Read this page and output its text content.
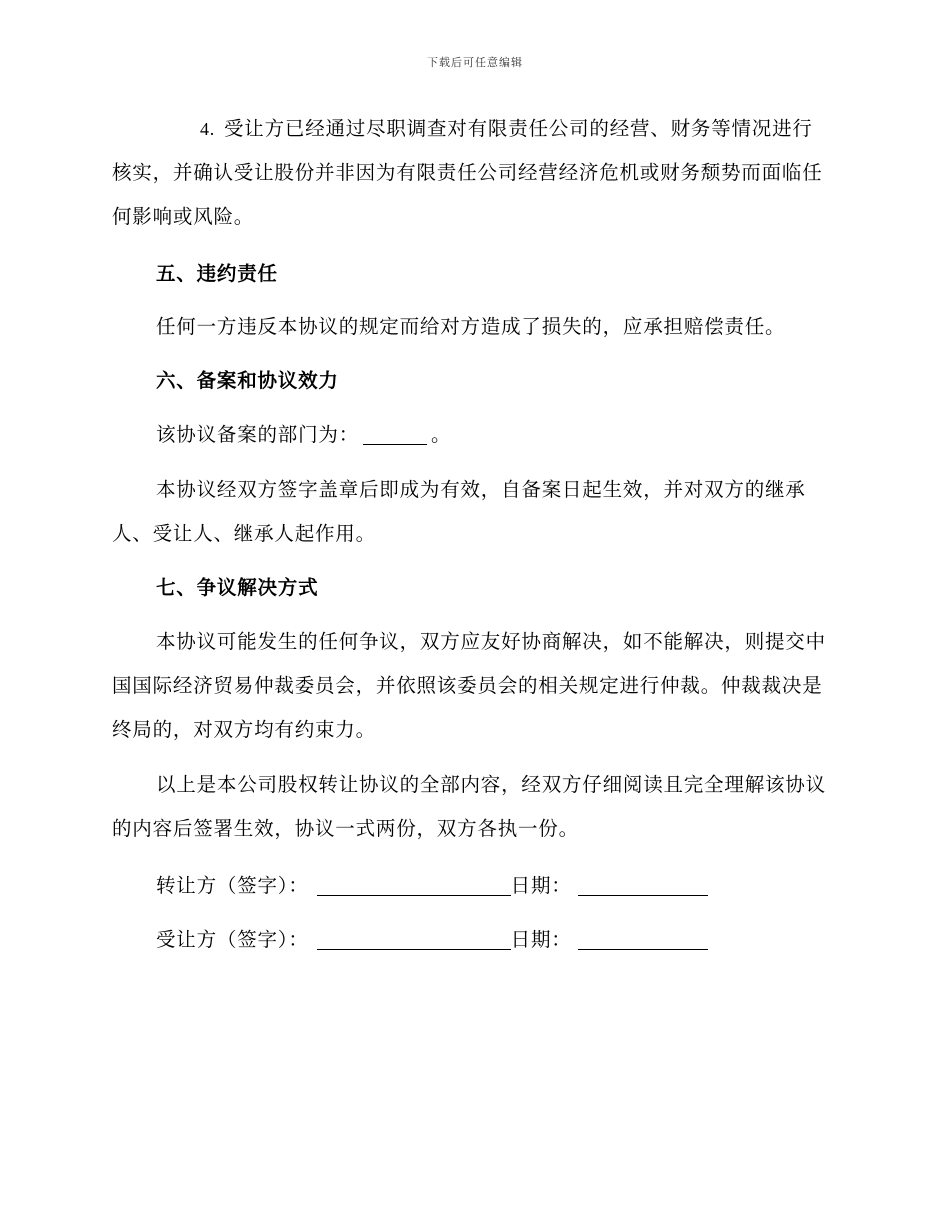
下载后可任意编辑
4. 受让方已经通过尽职调查对有限责任公司的经营、财务等情况进行核实，并确认受让股份并非因为有限责任公司经营经济危机或财务颓势而面临任何影响或风险。
五、违约责任
任何一方违反本协议的规定而给对方造成了损失的，应承担赔偿责任。
六、备案和协议效力
该协议备案的部门为：	。
本协议经双方签字盖章后即成为有效，自备案日起生效，并对双方的继承人、受让人、继承人起作用。
七、争议解决方式
本协议可能发生的任何争议，双方应友好协商解决，如不能解决，则提交中国国际经济贸易仲裁委员会，并依照该委员会的相关规定进行仲裁。仲裁裁决是终局的，对双方均有约束力。
以上是本公司股权转让协议的全部内容，经双方仔细阅读且完全理解该协议的内容后签署生效，协议一式两份，双方各执一份。
转让方（签字）：	日期：
受让方（签字）：	日期：
